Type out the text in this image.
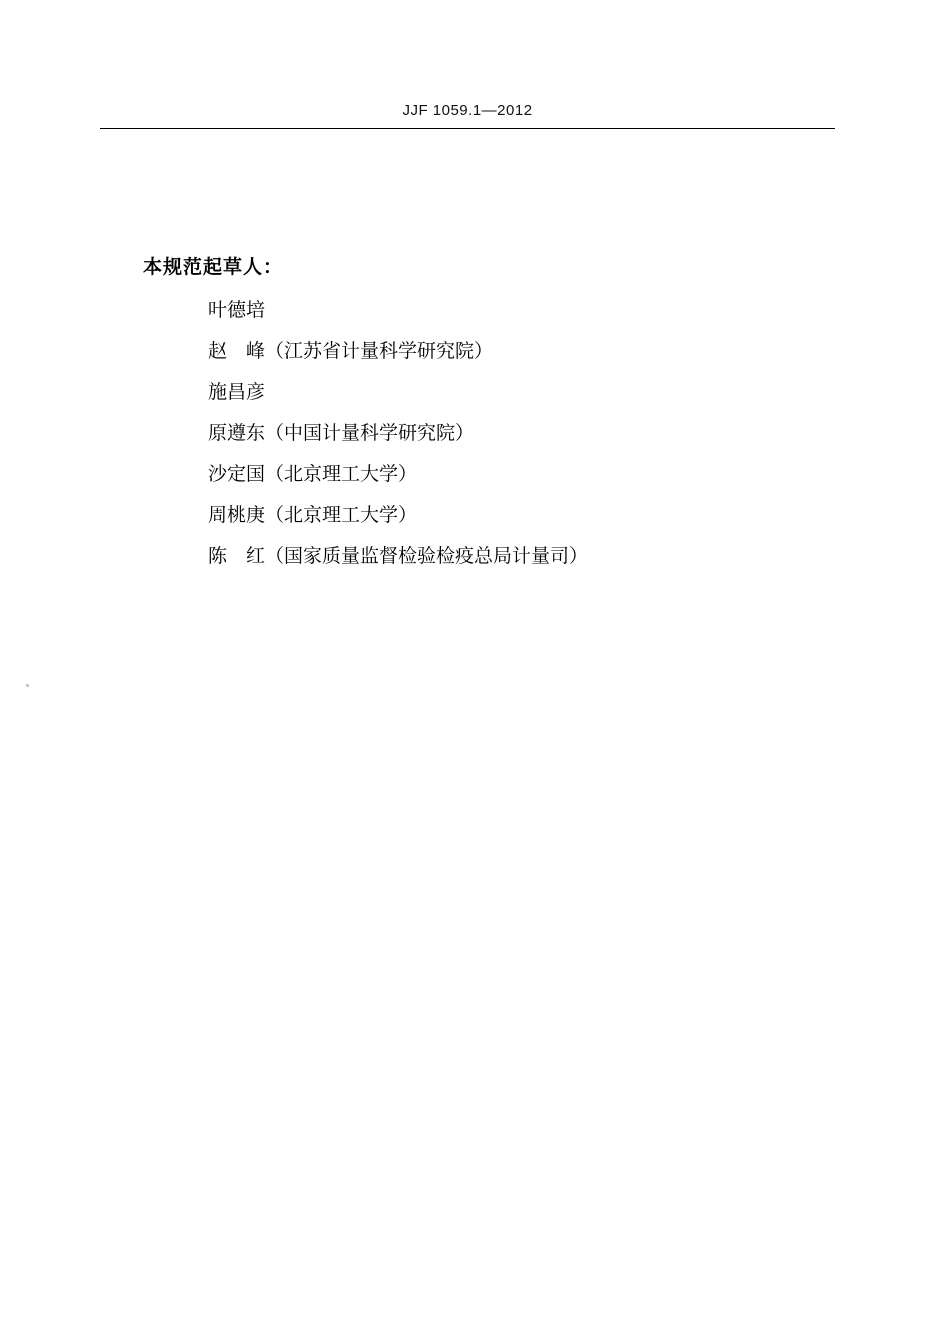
JJF 1059.1—2012
本规范起草人：
叶德培
赵　峰（江苏省计量科学研究院）
施昌彦
原遵东（中国计量科学研究院）
沙定国（北京理工大学）
周桃庚（北京理工大学）
陈　红（国家质量监督检验检疫总局计量司）
